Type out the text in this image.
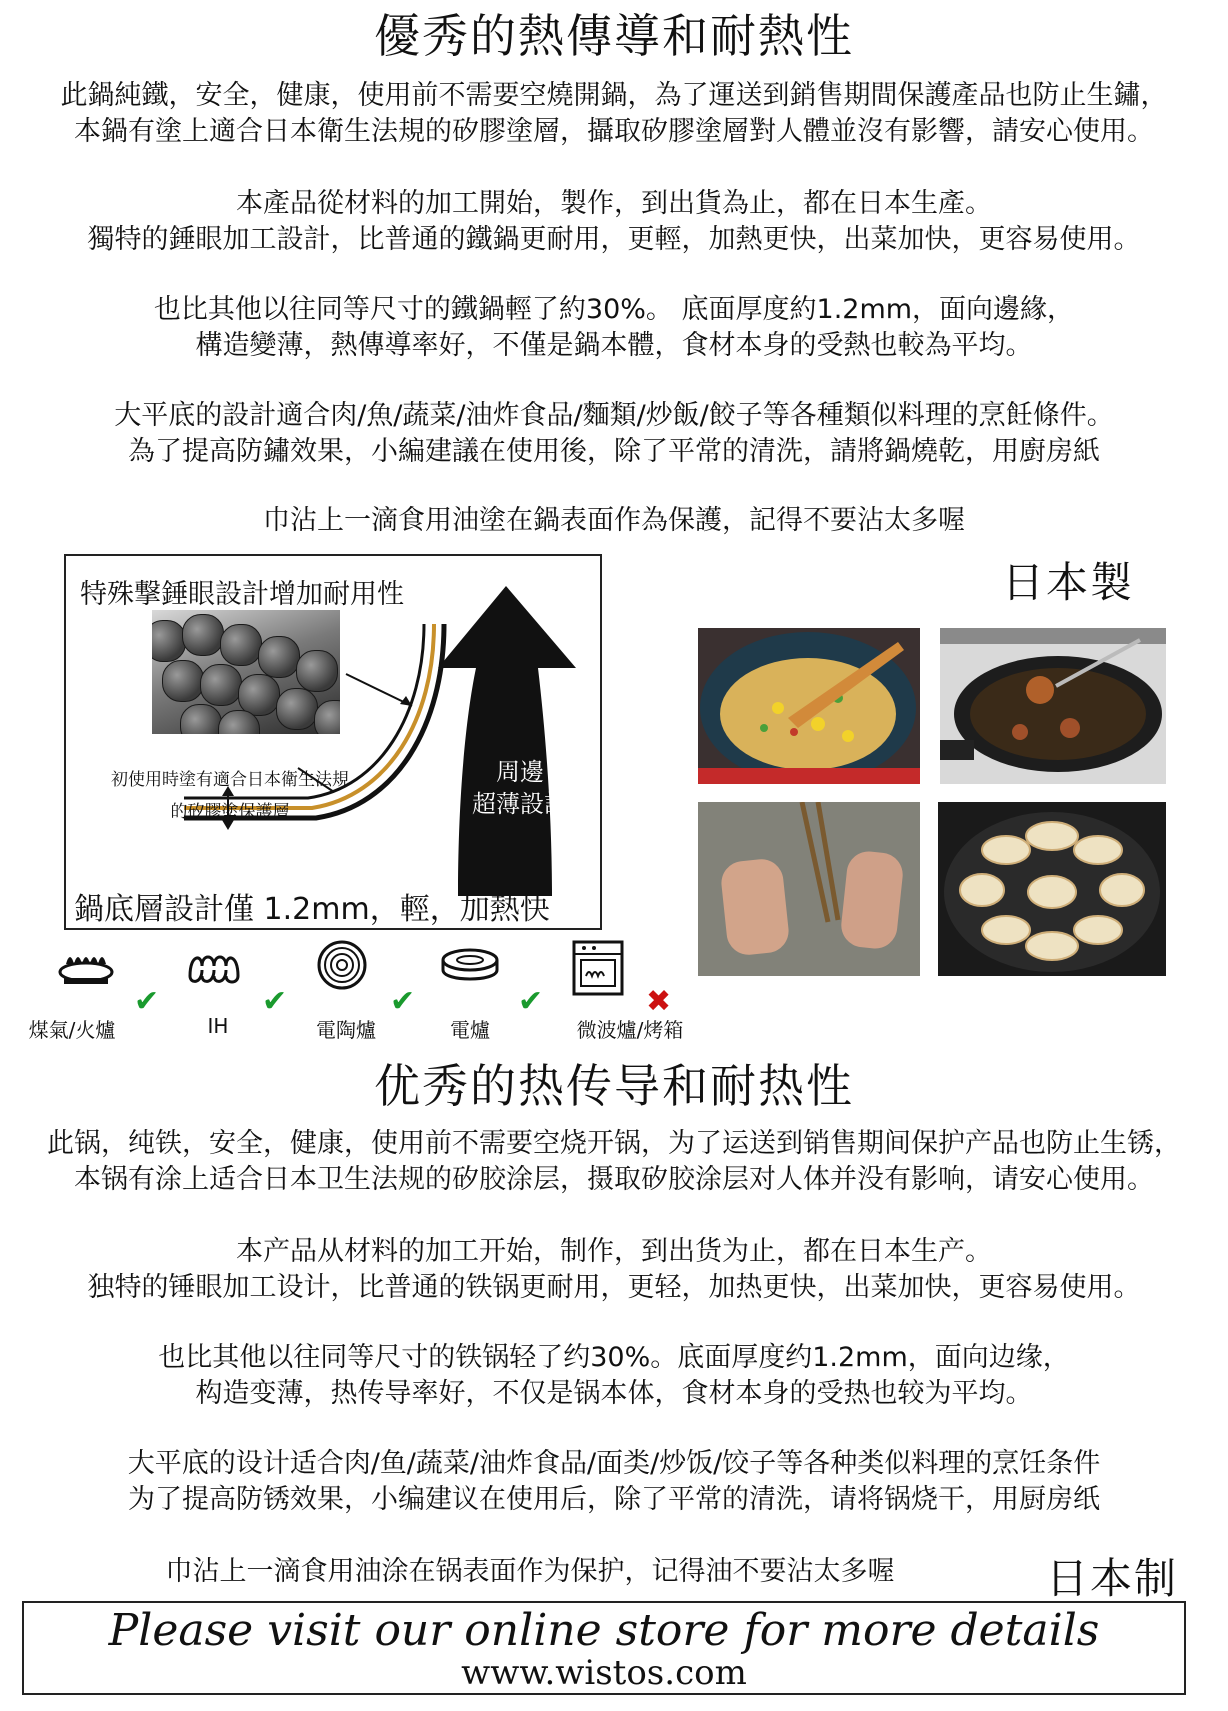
優秀的熱傳導和耐熱性

此鍋純鐵，安全，健康，使用前不需要空燒開鍋，為了運送到銷售期間保護產品也防止生鏽，
本鍋有塗上適合日本衛生法規的矽膠塗層，攝取矽膠塗層對人體並沒有影響，請安心使用。

本產品從材料的加工開始，製作，到出貨為止，都在日本生產。
獨特的錘眼加工設計，比普通的鐵鍋更耐用，更輕，加熱更快，出菜加快，更容易使用。

也比其他以往同等尺寸的鐵鍋輕了約30%。 底面厚度約1.2mm，面向邊緣，
構造變薄，熱傳導率好，不僅是鍋本體，食材本身的受熱也較為平均。

大平底的設計適合肉/魚/蔬菜/油炸食品/麵類/炒飯/餃子等各種類似料理的烹飪條件。
為了提高防鏽效果，小編建議在使用後，除了平常的清洗，請將鍋燒乾，用廚房紙

巾沾上一滴食用油塗在鍋表面作為保護，記得不要沾太多喔

日本製
特殊撃錘眼設計增加耐用性
初使用時塗有適合日本衛生法規
的矽膠塗保護層
周邊
超薄設計
鍋底層設計僅 1.2mm，輕，加熱快
✔
煤氣/火爐
✔
IH
✔
電陶爐
✔
電爐
✖
微波爐/烤箱
优秀的热传导和耐热性

此锅，纯铁，安全，健康，使用前不需要空烧开锅，为了运送到销售期间保护产品也防止生锈，
本锅有涂上适合日本卫生法规的矽胶涂层，摄取矽胶涂层对人体并没有影响，请安心使用。

本产品从材料的加工开始，制作，到出货为止，都在日本生产。
独特的锤眼加工设计，比普通的铁锅更耐用，更轻，加热更快，出菜加快，更容易使用。

也比其他以往同等尺寸的铁锅轻了约30%。底面厚度约1.2mm，面向边缘，
构造变薄，热传导率好，不仅是锅本体，食材本身的受热也较为平均。

大平底的设计适合肉/鱼/蔬菜/油炸食品/面类/炒饭/饺子等各种类似料理的烹饪条件
为了提高防锈效果，小编建议在使用后，除了平常的清洗，请将锅烧干，用厨房纸

巾沾上一滴食用油涂在锅表面作为保护，记得油不要沾太多喔	日本制
Please visit our online store for more details
www.wistos.com
